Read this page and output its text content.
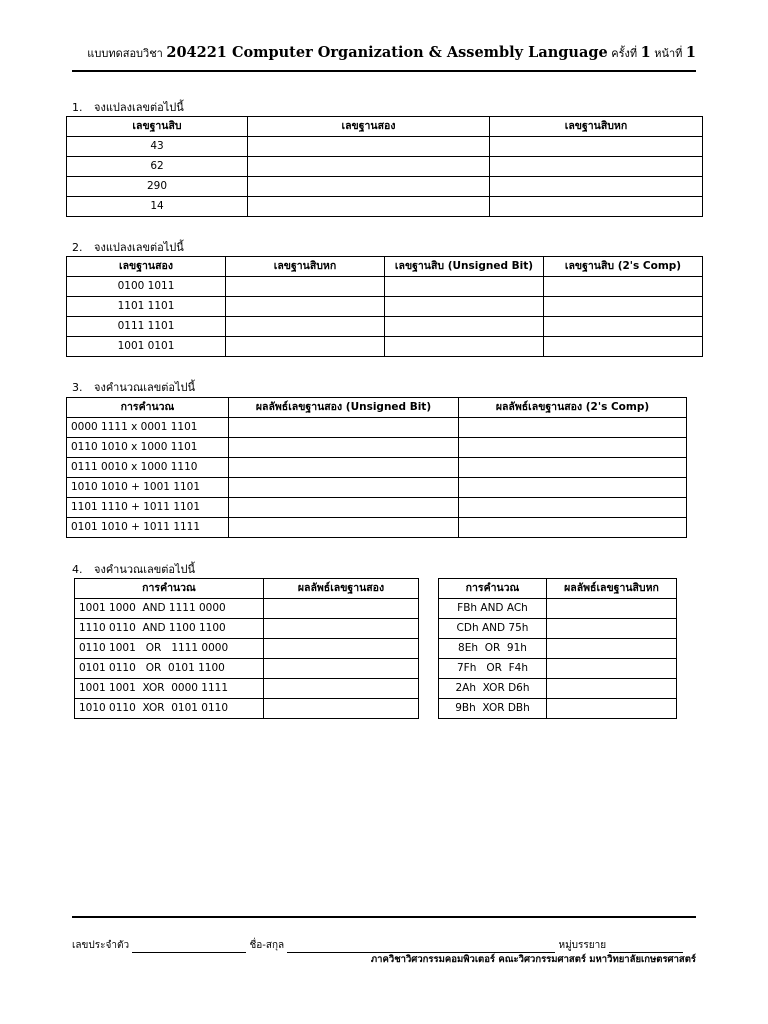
แบบทดสอบวิชา 204221 Computer Organization & Assembly Language ครั้งที่ 1 หน้าที่ 1
1. จงแปลงเลขต่อไปนี้
เลขฐานสิบ	เลขฐานสอง	เลขฐานสิบหก
43		
62		
290		
14		
2. จงแปลงเลขต่อไปนี้
เลขฐานสอง	เลขฐานสิบหก	เลขฐานสิบ (Unsigned Bit)	เลขฐานสิบ (2's Comp)
0100 1011			
1101 1101			
0111 1101			
1001 0101			
3. จงคำนวณเลขต่อไปนี้
การคำนวณ	ผลลัพธ์เลขฐานสอง (Unsigned Bit)	ผลลัพธ์เลขฐานสอง (2's Comp)
0000 1111 x 0001 1101		
0110 1010 x 1000 1101		
0111 0010 x 1000 1110		
1010 1010 + 1001 1101		
1101 1110 + 1011 1101		
0101 1010 + 1011 1111		
4. จงคำนวณเลขต่อไปนี้
การคำนวณ	ผลลัพธ์เลขฐานสอง
1001 1000  AND 1111 0000	
1110 0110  AND 1100 1100	
0110 1001   OR   1111 0000	
0101 0110   OR  0101 1100	
1001 1001  XOR  0000 1111	
1010 0110  XOR  0101 0110	
การคำนวณ	ผลลัพธ์เลขฐานสิบหก
FBh AND ACh	
CDh AND 75h	
8Eh  OR  91h	
7Fh   OR  F4h	
2Ah  XOR D6h	
9Bh  XOR DBh	
เลขประจำตัว	ชื่อ-สกุล	หมู่บรรยาย
ภาควิชาวิศวกรรมคอมพิวเตอร์ คณะวิศวกรรมศาสตร์ มหาวิทยาลัยเกษตรศาสตร์
